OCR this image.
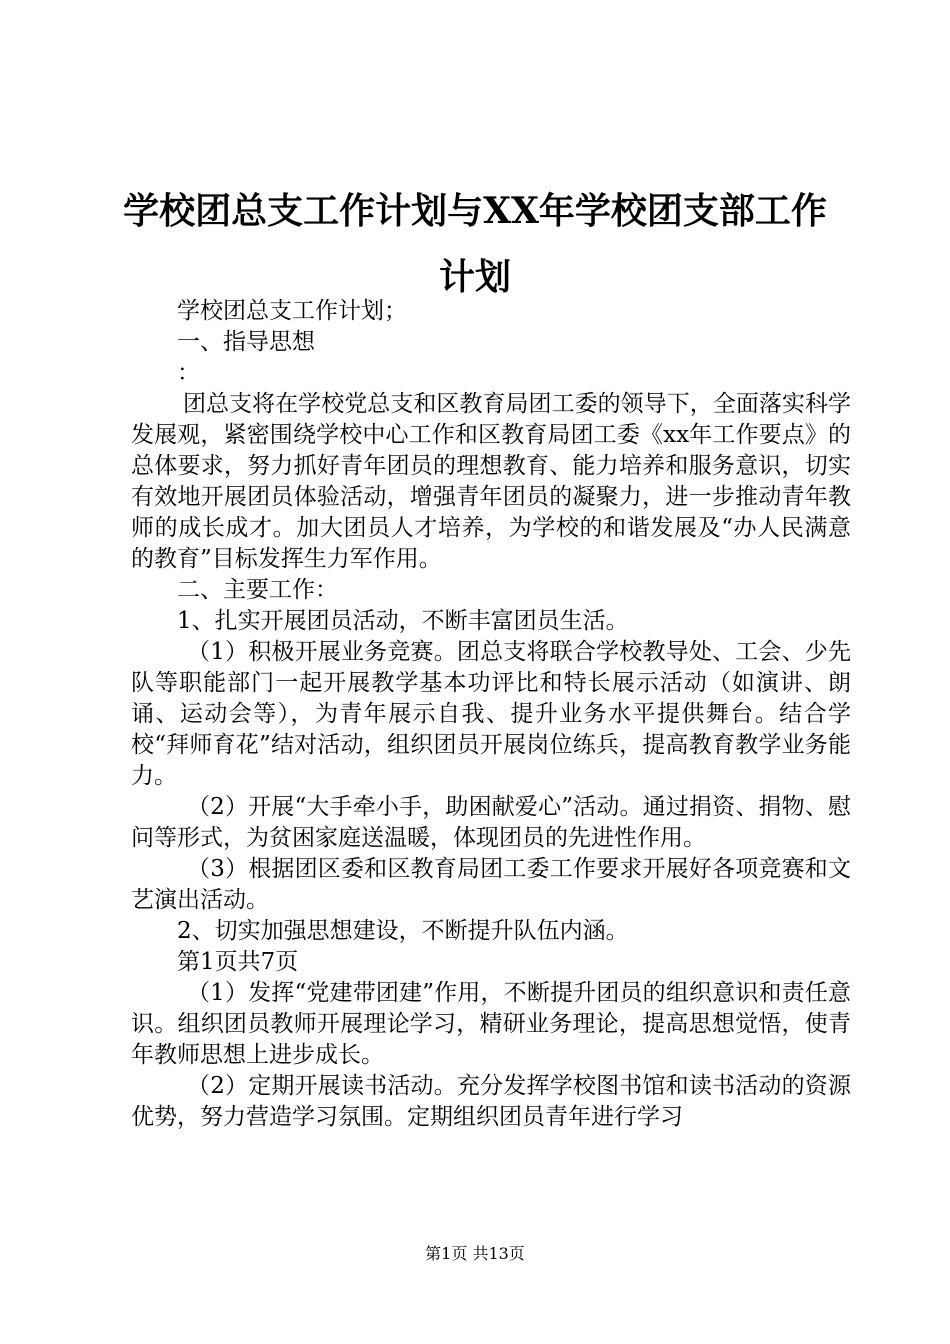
学校团总支工作计划与XX年学校团支部工作
计划

学校团总支工作计划；

一、指导思想

：

团总支将在学校党总支和区教育局团工委的领导下，全面落实科学发展观，紧密围绕学校中心工作和区教育局团工委《xx年工作要点》的总体要求，努力抓好青年团员的理想教育、能力培养和服务意识，切实有效地开展团员体验活动，增强青年团员的凝聚力，进一步推动青年教师的成长成才。加大团员人才培养，为学校的和谐发展及“办人民满意的教育”目标发挥生力军作用。

二、主要工作：

1、扎实开展团员活动，不断丰富团员生活。

（1）积极开展业务竞赛。团总支将联合学校教导处、工会、少先队等职能部门一起开展教学基本功评比和特长展示活动（如演讲、朗诵、运动会等），为青年展示自我、提升业务水平提供舞台。结合学校“拜师育花”结对活动，组织团员开展岗位练兵，提高教育教学业务能力。

（2）开展“大手牵小手，助困献爱心”活动。通过捐资、捐物、慰问等形式，为贫困家庭送温暖，体现团员的先进性作用。

（3）根据团区委和区教育局团工委工作要求开展好各项竞赛和文艺演出活动。

2、切实加强思想建设，不断提升队伍内涵。

第1页共7页

（1）发挥“党建带团建”作用，不断提升团员的组织意识和责任意识。组织团员教师开展理论学习，精研业务理论，提高思想觉悟，使青年教师思想上进步成长。

（2）定期开展读书活动。充分发挥学校图书馆和读书活动的资源优势，努力营造学习氛围。定期组织团员青年进行学习

第1页 共13页
